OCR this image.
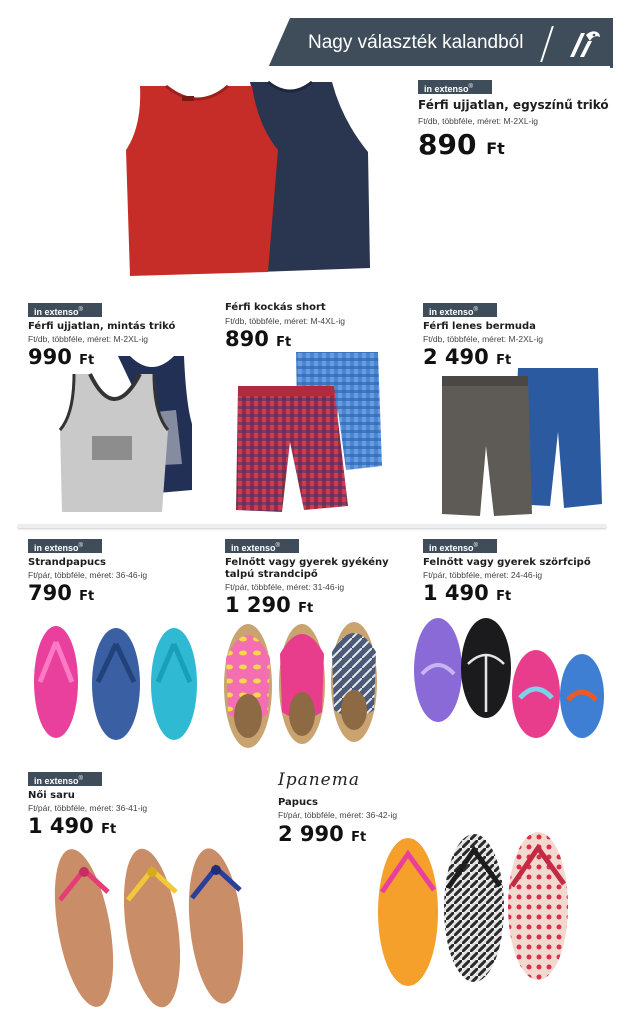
Nagy választék kalandból
in extenso®
Férfi ujjatlan, egyszínű trikó
Ft/db, többféle, méret: M-2XL-ig
890 Ft
in extenso®
Férfi ujjatlan, mintás trikó
Ft/db, többféle, méret: M-2XL-ig
990 Ft
Férfi kockás short
Ft/db, többféle, méret: M-4XL-ig
890 Ft
in extenso®
Férfi lenes bermuda
Ft/db, többféle, méret: M-2XL-ig
2 490 Ft
in extenso®
Strandpapucs
Ft/pár, többféle, méret: 36-46-ig
790 Ft
in extenso®
Felnőtt vagy gyerek gyékény
talpú strandcipő
Ft/pár, többféle, méret: 31-46-ig
1 290 Ft
in extenso®
Felnőtt vagy gyerek szörfcipő
Ft/pár, többféle, méret: 24-46-ig
1 490 Ft
in extenso®
Női saru
Ft/pár, többféle, méret: 36-41-ig
1 490 Ft
Ipanema
Papucs
Ft/pár, többféle, méret: 36-42-ig
2 990 Ft
